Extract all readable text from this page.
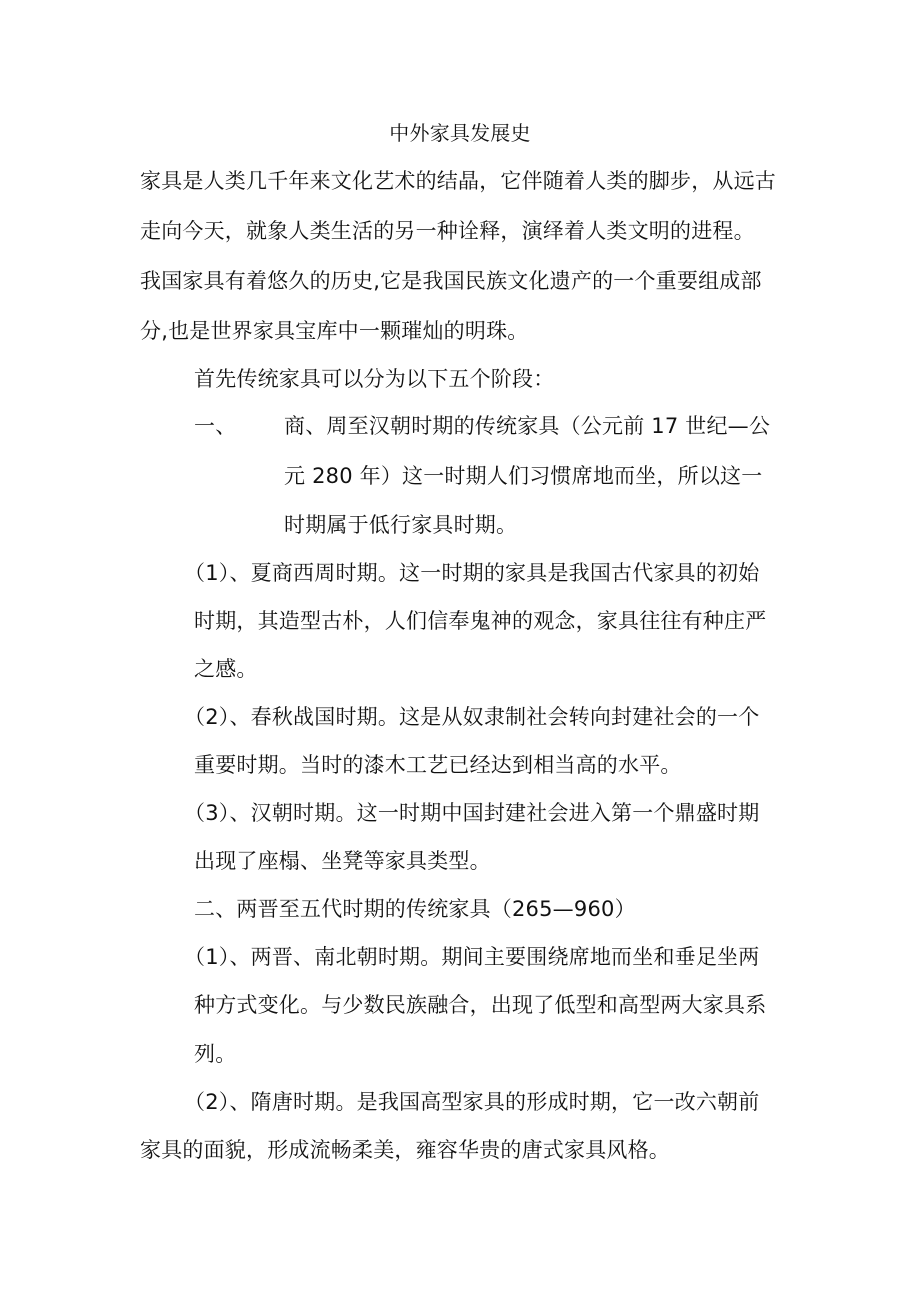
中外家具发展史
家具是人类几千年来文化艺术的结晶，它伴随着人类的脚步，从远古
走向今天，就象人类生活的另一种诠释，演绎着人类文明的进程。
我国家具有着悠久的历史,它是我国民族文化遗产的一个重要组成部
分,也是世界家具宝库中一颗璀灿的明珠。
首先传统家具可以分为以下五个阶段：
一、 商、周至汉朝时期的传统家具（公元前 17 世纪—公
元 280 年）这一时期人们习惯席地而坐，所以这一
时期属于低行家具时期。
（1）、夏商西周时期。这一时期的家具是我国古代家具的初始
时期，其造型古朴，人们信奉鬼神的观念，家具往往有种庄严
之感。
（2）、春秋战国时期。这是从奴隶制社会转向封建社会的一个
重要时期。当时的漆木工艺已经达到相当高的水平。
（3）、汉朝时期。这一时期中国封建社会进入第一个鼎盛时期
出现了座榻、坐凳等家具类型。
二、两晋至五代时期的传统家具（265—960）
（1）、两晋、南北朝时期。期间主要围绕席地而坐和垂足坐两
种方式变化。与少数民族融合，出现了低型和高型两大家具系
列。
（2）、隋唐时期。是我国高型家具的形成时期，它一改六朝前
家具的面貌，形成流畅柔美，雍容华贵的唐式家具风格。
